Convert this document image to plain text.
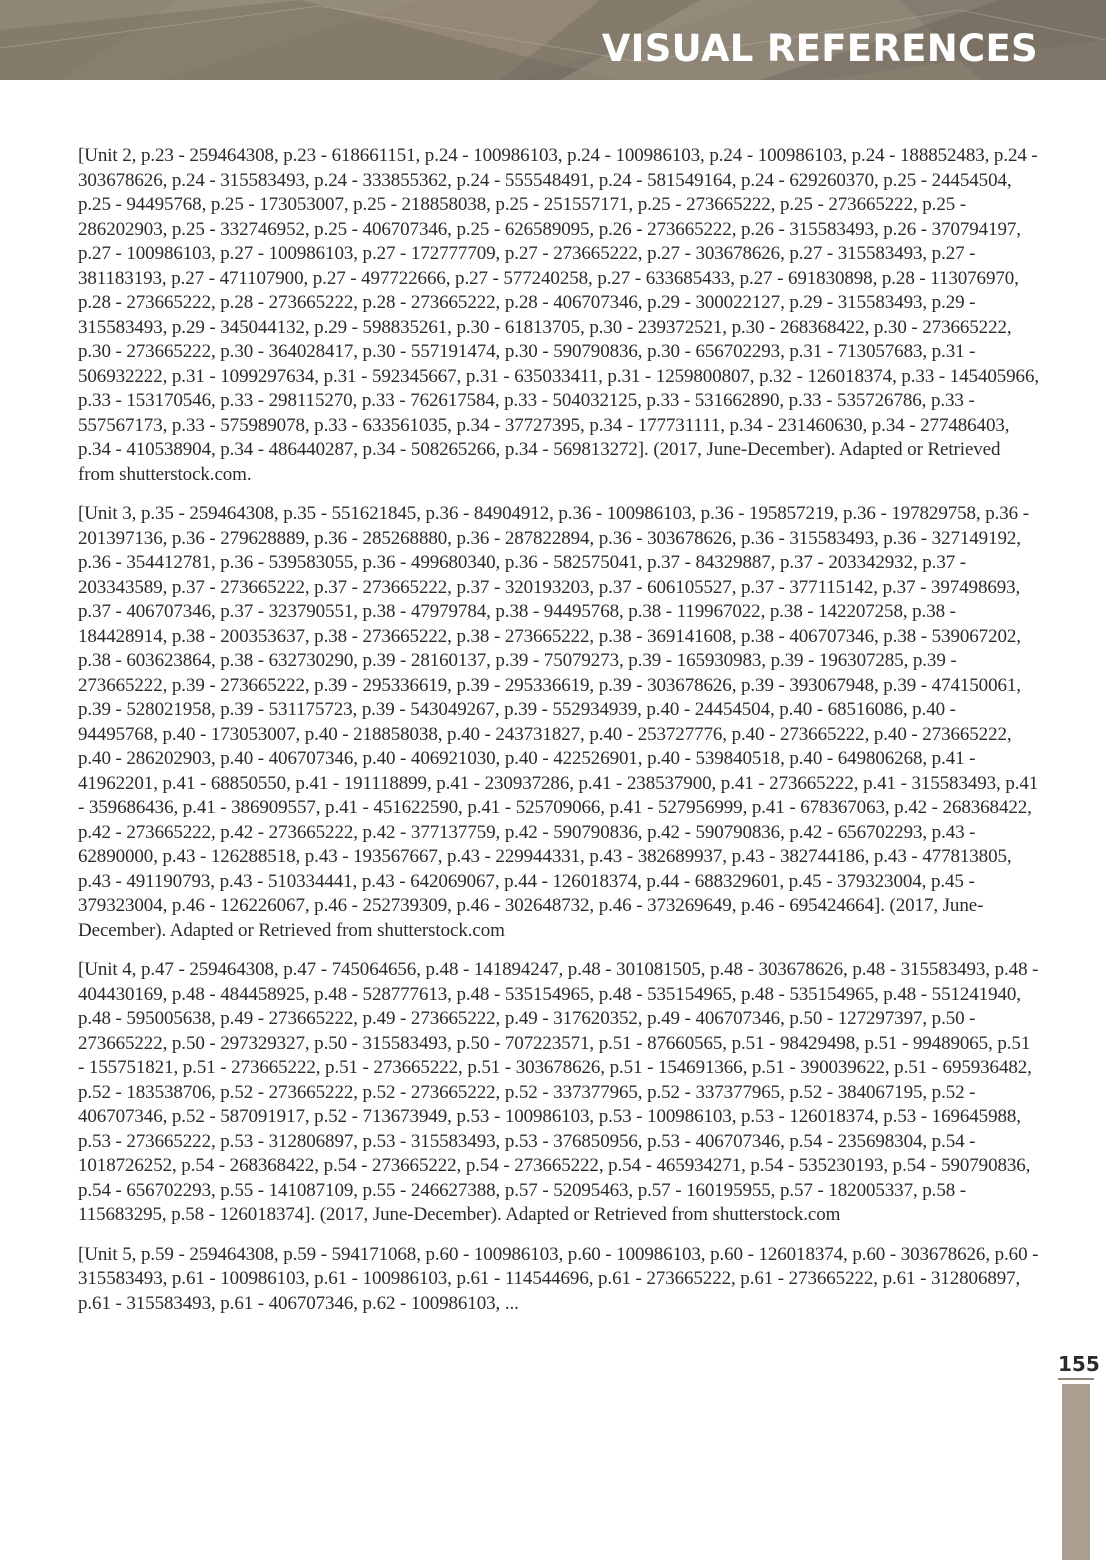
VISUAL REFERENCES

[Unit 2, p.23 - 259464308, p.23 - 618661151, p.24 - 100986103, p.24 - 100986103, p.24 - 100986103, p.24 - 188852483, p.24 - 303678626, p.24 - 315583493, p.24 - 333855362, p.24 - 555548491, p.24 - 581549164, p.24 - 629260370, p.25 - 24454504, p.25 - 94495768, p.25 - 173053007, p.25 - 218858038, p.25 - 251557171, p.25 - 273665222, p.25 - 273665222, p.25 - 286202903, p.25 - 332746952, p.25 - 406707346, p.25 - 626589095, p.26 - 273665222, p.26 - 315583493, p.26 - 370794197, p.27 - 100986103, p.27 - 100986103, p.27 - 172777709, p.27 - 273665222, p.27 - 303678626, p.27 - 315583493, p.27 - 381183193, p.27 - 471107900, p.27 - 497722666, p.27 - 577240258, p.27 - 633685433, p.27 - 691830898, p.28 - 113076970, p.28 - 273665222, p.28 - 273665222, p.28 - 273665222, p.28 - 406707346, p.29 - 300022127, p.29 - 315583493, p.29 - 315583493, p.29 - 345044132, p.29 - 598835261, p.30 - 61813705, p.30 - 239372521, p.30 - 268368422, p.30 - 273665222, p.30 - 273665222, p.30 - 364028417, p.30 - 557191474, p.30 - 590790836, p.30 - 656702293, p.31 - 713057683, p.31 - 506932222, p.31 - 1099297634, p.31 - 592345667, p.31 - 635033411, p.31 - 1259800807, p.32 - 126018374, p.33 - 145405966, p.33 - 153170546, p.33 - 298115270, p.33 - 762617584, p.33 - 504032125, p.33 - 531662890, p.33 - 535726786, p.33 - 557567173, p.33 - 575989078, p.33 - 633561035, p.34 - 37727395, p.34 - 177731111, p.34 - 231460630, p.34 - 277486403, p.34 - 410538904, p.34 - 486440287, p.34 - 508265266, p.34 - 569813272]. (2017, June-December). Adapted or Retrieved from shutterstock.com.

[Unit 3, p.35 - 259464308, p.35 - 551621845, p.36 - 84904912, p.36 - 100986103, p.36 - 195857219, p.36 - 197829758, p.36 - 201397136, p.36 - 279628889, p.36 - 285268880, p.36 - 287822894, p.36 - 303678626, p.36 - 315583493, p.36 - 327149192, p.36 - 354412781, p.36 - 539583055, p.36 - 499680340, p.36 - 582575041, p.37 - 84329887, p.37 - 203342932, p.37 - 203343589, p.37 - 273665222, p.37 - 273665222, p.37 - 320193203, p.37 - 606105527, p.37 - 377115142, p.37 - 397498693, p.37 - 406707346, p.37 - 323790551, p.38 - 47979784, p.38 - 94495768, p.38 - 119967022, p.38 - 142207258, p.38 - 184428914, p.38 - 200353637, p.38 - 273665222, p.38 - 273665222, p.38 - 369141608, p.38 - 406707346, p.38 - 539067202, p.38 - 603623864, p.38 - 632730290, p.39 - 28160137, p.39 - 75079273, p.39 - 165930983, p.39 - 196307285, p.39 - 273665222, p.39 - 273665222, p.39 - 295336619, p.39 - 295336619, p.39 - 303678626, p.39 - 393067948, p.39 - 474150061, p.39 - 528021958, p.39 - 531175723, p.39 - 543049267, p.39 - 552934939, p.40 - 24454504, p.40 - 68516086, p.40 - 94495768, p.40 - 173053007, p.40 - 218858038, p.40 - 243731827, p.40 - 253727776, p.40 - 273665222, p.40 - 273665222, p.40 - 286202903, p.40 - 406707346, p.40 - 406921030, p.40 - 422526901, p.40 - 539840518, p.40 - 649806268, p.41 - 41962201, p.41 - 68850550, p.41 - 191118899, p.41 - 230937286, p.41 - 238537900, p.41 - 273665222, p.41 - 315583493, p.41 - 359686436, p.41 - 386909557, p.41 - 451622590, p.41 - 525709066, p.41 - 527956999, p.41 - 678367063, p.42 - 268368422, p.42 - 273665222, p.42 - 273665222, p.42 - 377137759, p.42 - 590790836, p.42 - 590790836, p.42 - 656702293, p.43 - 62890000, p.43 - 126288518, p.43 - 193567667, p.43 - 229944331, p.43 - 382689937, p.43 - 382744186, p.43 - 477813805, p.43 - 491190793, p.43 - 510334441, p.43 - 642069067, p.44 - 126018374, p.44 - 688329601, p.45 - 379323004, p.45 - 379323004, p.46 - 126226067, p.46 - 252739309, p.46 - 302648732, p.46 - 373269649, p.46 - 695424664]. (2017, June-December). Adapted or Retrieved from shutterstock.com

[Unit 4, p.47 - 259464308, p.47 - 745064656, p.48 - 141894247, p.48 - 301081505, p.48 - 303678626, p.48 - 315583493, p.48 - 404430169, p.48 - 484458925, p.48 - 528777613, p.48 - 535154965, p.48 - 535154965, p.48 - 535154965, p.48 - 551241940, p.48 - 595005638, p.49 - 273665222, p.49 - 273665222, p.49 - 317620352, p.49 - 406707346, p.50 - 127297397, p.50 - 273665222, p.50 - 297329327, p.50 - 315583493, p.50 - 707223571, p.51 - 87660565, p.51 - 98429498, p.51 - 99489065, p.51 - 155751821, p.51 - 273665222, p.51 - 273665222, p.51 - 303678626, p.51 - 154691366, p.51 - 390039622, p.51 - 695936482, p.52 - 183538706, p.52 - 273665222, p.52 - 273665222, p.52 - 337377965, p.52 - 337377965, p.52 - 384067195, p.52 - 406707346, p.52 - 587091917, p.52 - 713673949, p.53 - 100986103, p.53 - 100986103, p.53 - 126018374, p.53 - 169645988, p.53 - 273665222, p.53 - 312806897, p.53 - 315583493, p.53 - 376850956, p.53 - 406707346, p.54 - 235698304, p.54 - 1018726252, p.54 - 268368422, p.54 - 273665222, p.54 - 273665222, p.54 - 465934271, p.54 - 535230193, p.54 - 590790836, p.54 - 656702293, p.55 - 141087109, p.55 - 246627388, p.57 - 52095463, p.57 - 160195955, p.57 - 182005337, p.58 - 115683295, p.58 - 126018374]. (2017, June-December). Adapted or Retrieved from shutterstock.com

[Unit 5, p.59 - 259464308, p.59 - 594171068, p.60 - 100986103, p.60 - 100986103, p.60 - 126018374, p.60 - 303678626, p.60 - 315583493, p.61 - 100986103, p.61 - 100986103, p.61 - 114544696, p.61 - 273665222, p.61 - 273665222, p.61 - 312806897, p.61 - 315583493, p.61 - 406707346, p.62 - 100986103, ...

155
